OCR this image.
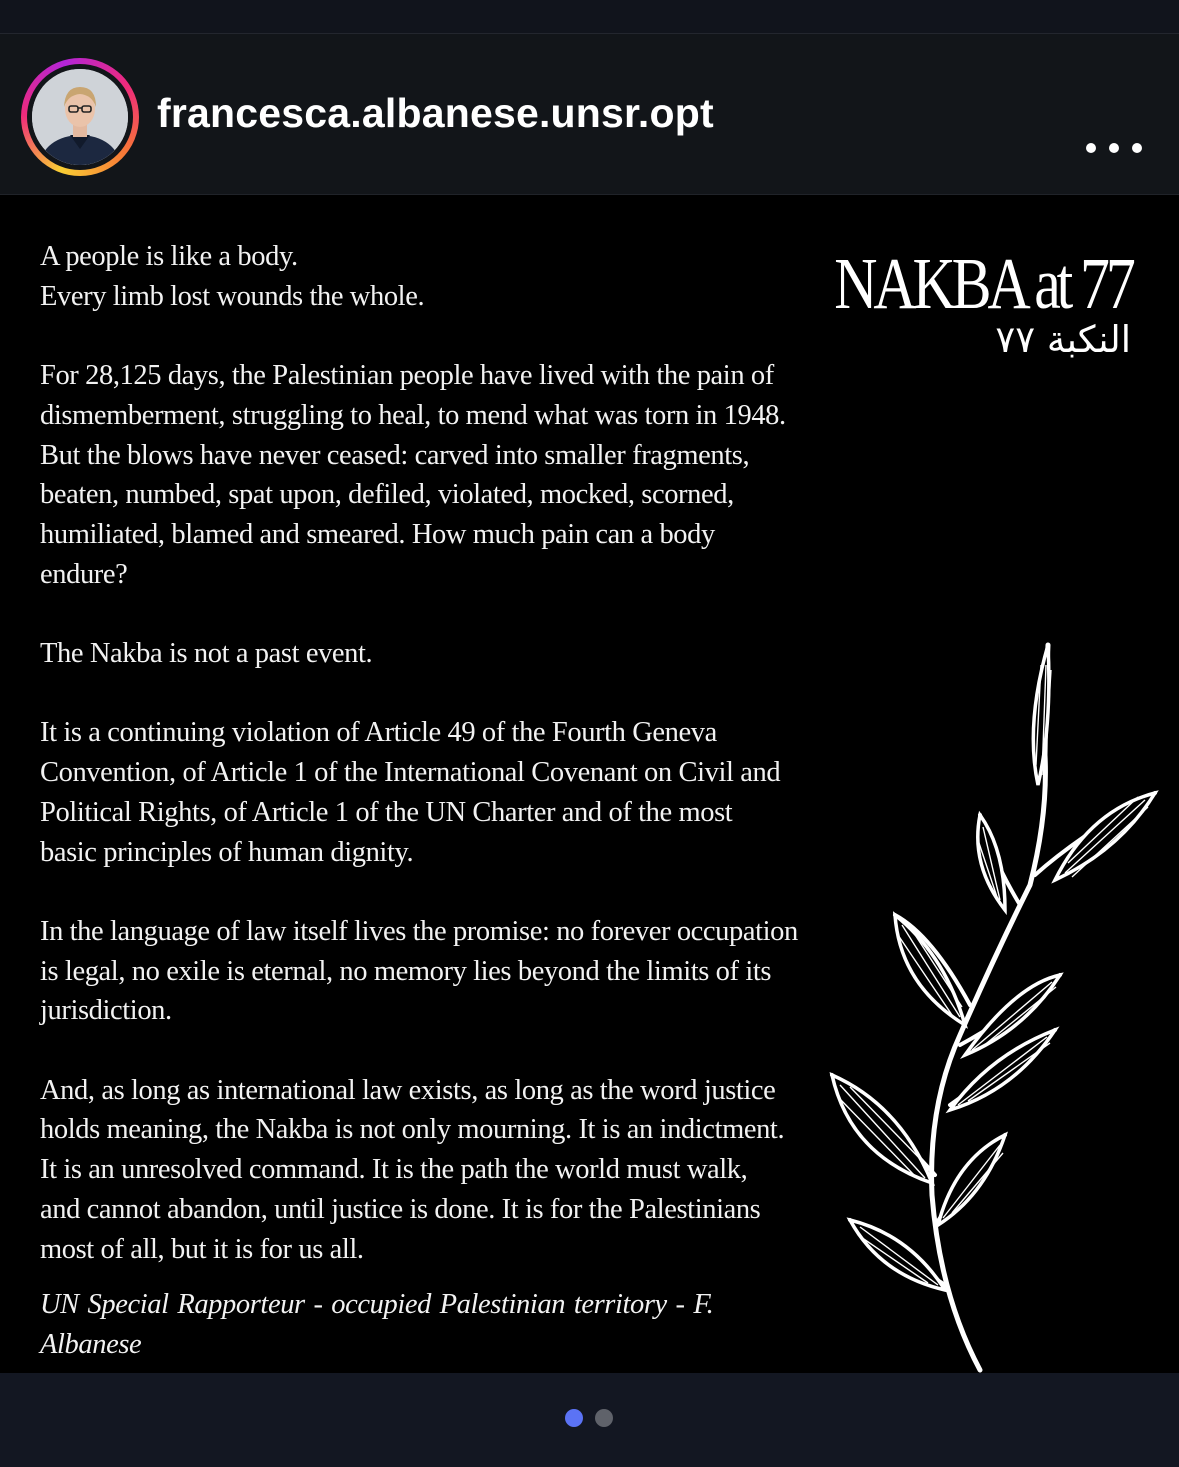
francesca.albanese.unsr.opt

A people is like a body.
Every limb lost wounds the whole.

For 28,125 days, the Palestinian people have lived with the pain of
dismemberment, struggling to heal, to mend what was torn in 1948.
But the blows have never ceased: carved into smaller fragments,
beaten, numbed, spat upon, defiled, violated, mocked, scorned,
humiliated, blamed and smeared. How much pain can a body
endure?

The Nakba is not a past event.

It is a continuing violation of Article 49 of the Fourth Geneva
Convention, of Article 1 of the International Covenant on Civil and
Political Rights, of Article 1 of the UN Charter and of the most
basic principles of human dignity.

In the language of law itself lives the promise: no forever occupation
is legal, no exile is eternal, no memory lies beyond the limits of its
jurisdiction.

And, as long as international law exists, as long as the word justice
holds meaning, the Nakba is not only mourning. It is an indictment.
It is an unresolved command. It is the path the world must walk,
and cannot abandon, until justice is done. It is for the Palestinians
most of all, but it is for us all.

UN Special Rapporteur - occupied Palestinian territory - F. Albanese
NAKBA at 77
النكبة ٧٧
